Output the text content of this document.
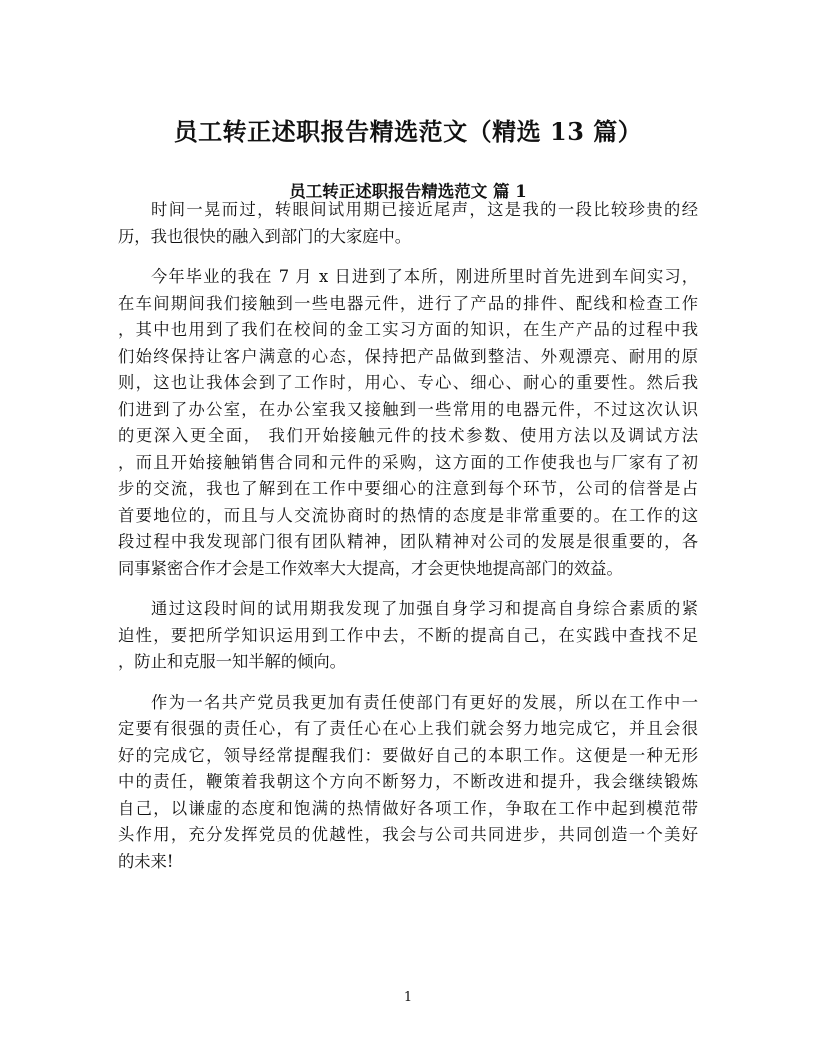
员工转正述职报告精选范文（精选 13 篇）
员工转正述职报告精选范文 篇 1
时间一晃而过，转眼间试用期已接近尾声，这是我的一段比较珍贵的经
历，我也很快的融入到部门的大家庭中。
今年毕业的我在 7 月 x 日进到了本所，刚进所里时首先进到车间实习，
在车间期间我们接触到一些电器元件，进行了产品的排件、配线和检查工作
，其中也用到了我们在校间的金工实习方面的知识，在生产产品的过程中我
们始终保持让客户满意的心态，保持把产品做到整洁、外观漂亮、耐用的原
则，这也让我体会到了工作时，用心、专心、细心、耐心的重要性。然后我
们进到了办公室，在办公室我又接触到一些常用的电器元件，不过这次认识
的更深入更全面， 我们开始接触元件的技术参数、使用方法以及调试方法
，而且开始接触销售合同和元件的采购，这方面的工作使我也与厂家有了初
步的交流，我也了解到在工作中要细心的注意到每个环节，公司的信誉是占
首要地位的，而且与人交流协商时的热情的态度是非常重要的。在工作的这
段过程中我发现部门很有团队精神，团队精神对公司的发展是很重要的，各
同事紧密合作才会是工作效率大大提高，才会更快地提高部门的效益。
通过这段时间的试用期我发现了加强自身学习和提高自身综合素质的紧
迫性，要把所学知识运用到工作中去，不断的提高自己，在实践中查找不足
，防止和克服一知半解的倾向。
作为一名共产党员我更加有责任使部门有更好的发展，所以在工作中一
定要有很强的责任心，有了责任心在心上我们就会努力地完成它，并且会很
好的完成它，领导经常提醒我们：要做好自己的本职工作。这便是一种无形
中的责任，鞭策着我朝这个方向不断努力，不断改进和提升，我会继续锻炼
自己，以谦虚的态度和饱满的热情做好各项工作，争取在工作中起到模范带
头作用，充分发挥党员的优越性，我会与公司共同进步，共同创造一个美好
的未来!
1
